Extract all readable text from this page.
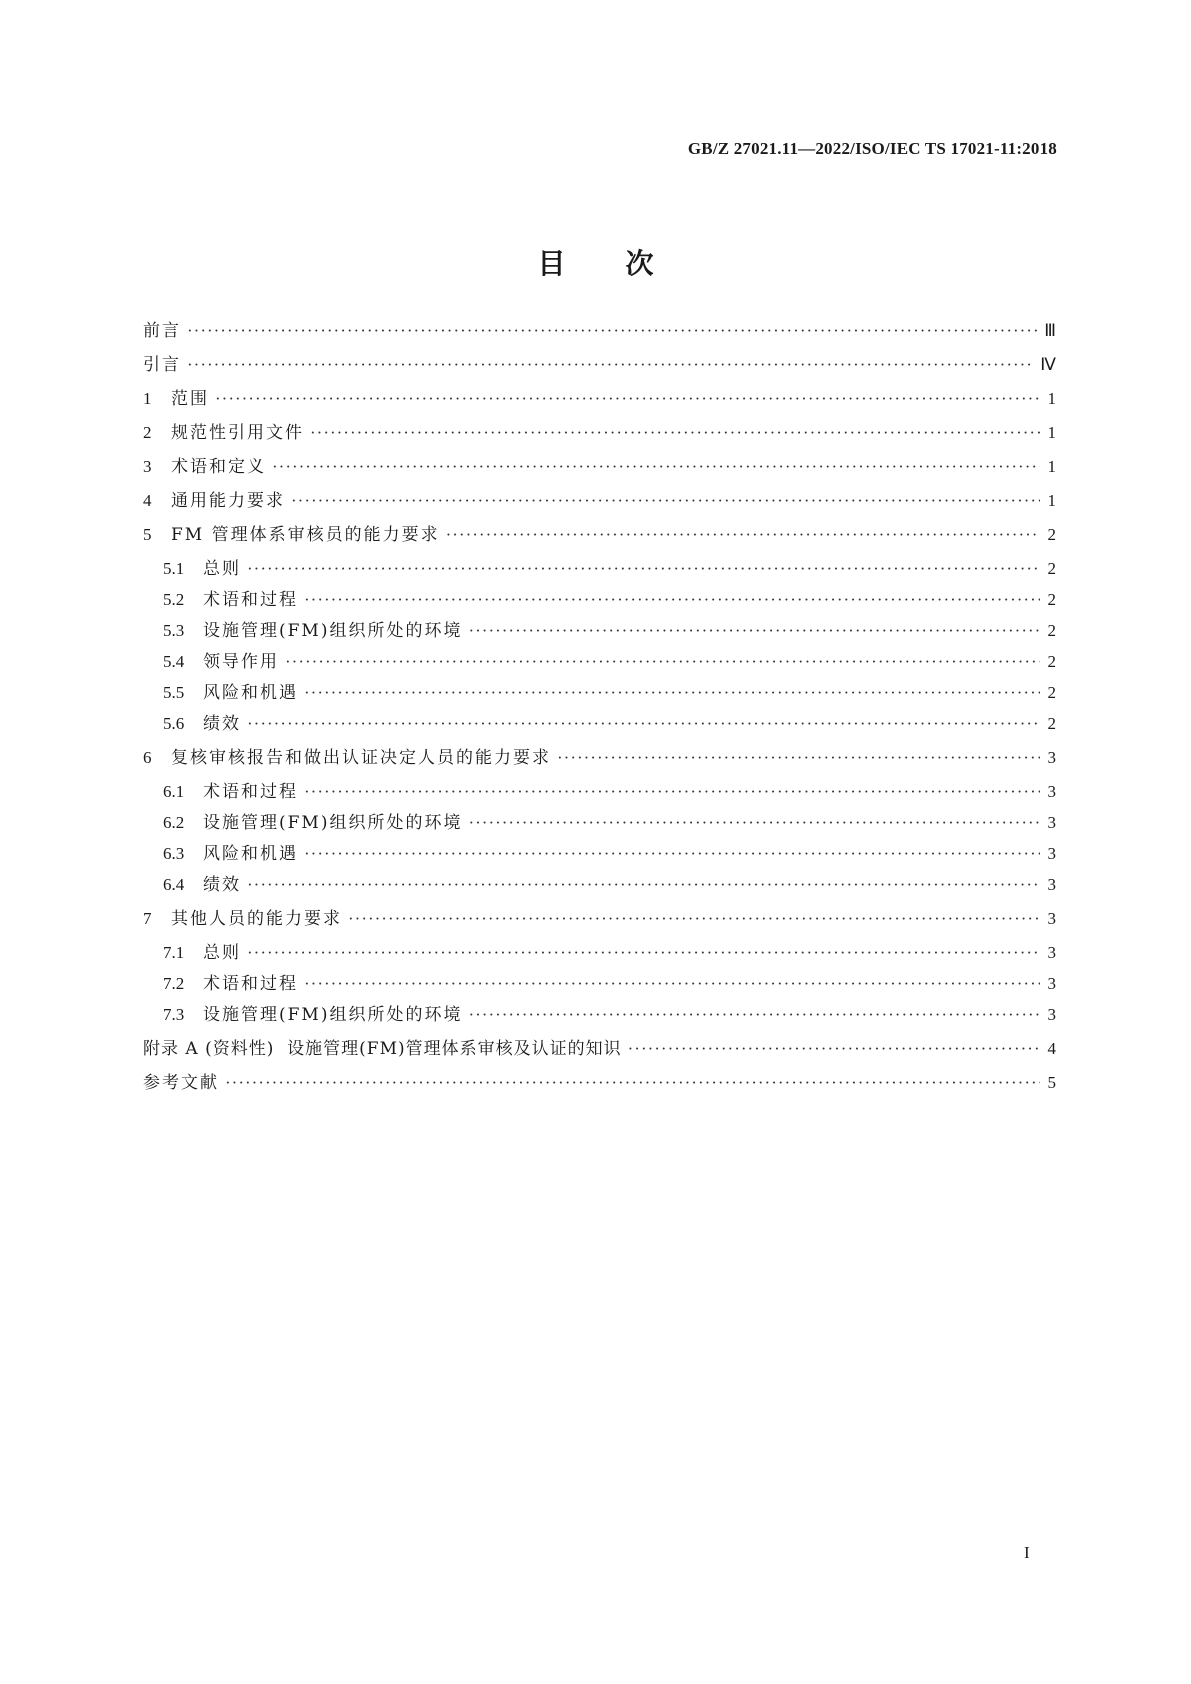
GB/Z 27021.11—2022/ISO/IEC TS 17021-11:2018
目 次
前言 ·····	Ⅲ
引言 ·····	Ⅳ
1	范围 ·····	1
2	规范性引用文件 ·····	1
3	术语和定义 ·····	1
4	通用能力要求 ·····	1
5	FM 管理体系审核员的能力要求 ·····	2
5.1	总则 ·····	2
5.2	术语和过程 ·····	2
5.3	设施管理(FM)组织所处的环境 ·····	2
5.4	领导作用 ·····	2
5.5	风险和机遇 ·····	2
5.6	绩效 ·····	2
6	复核审核报告和做出认证决定人员的能力要求 ·····	3
6.1	术语和过程 ·····	3
6.2	设施管理(FM)组织所处的环境 ·····	3
6.3	风险和机遇 ·····	3
6.4	绩效 ·····	3
7	其他人员的能力要求 ·····	3
7.1	总则 ·····	3
7.2	术语和过程 ·····	3
7.3	设施管理(FM)组织所处的环境 ·····	3
附录 A (资料性)  设施管理(FM)管理体系审核及认证的知识 ·····	4
参考文献 ·····	5
I
